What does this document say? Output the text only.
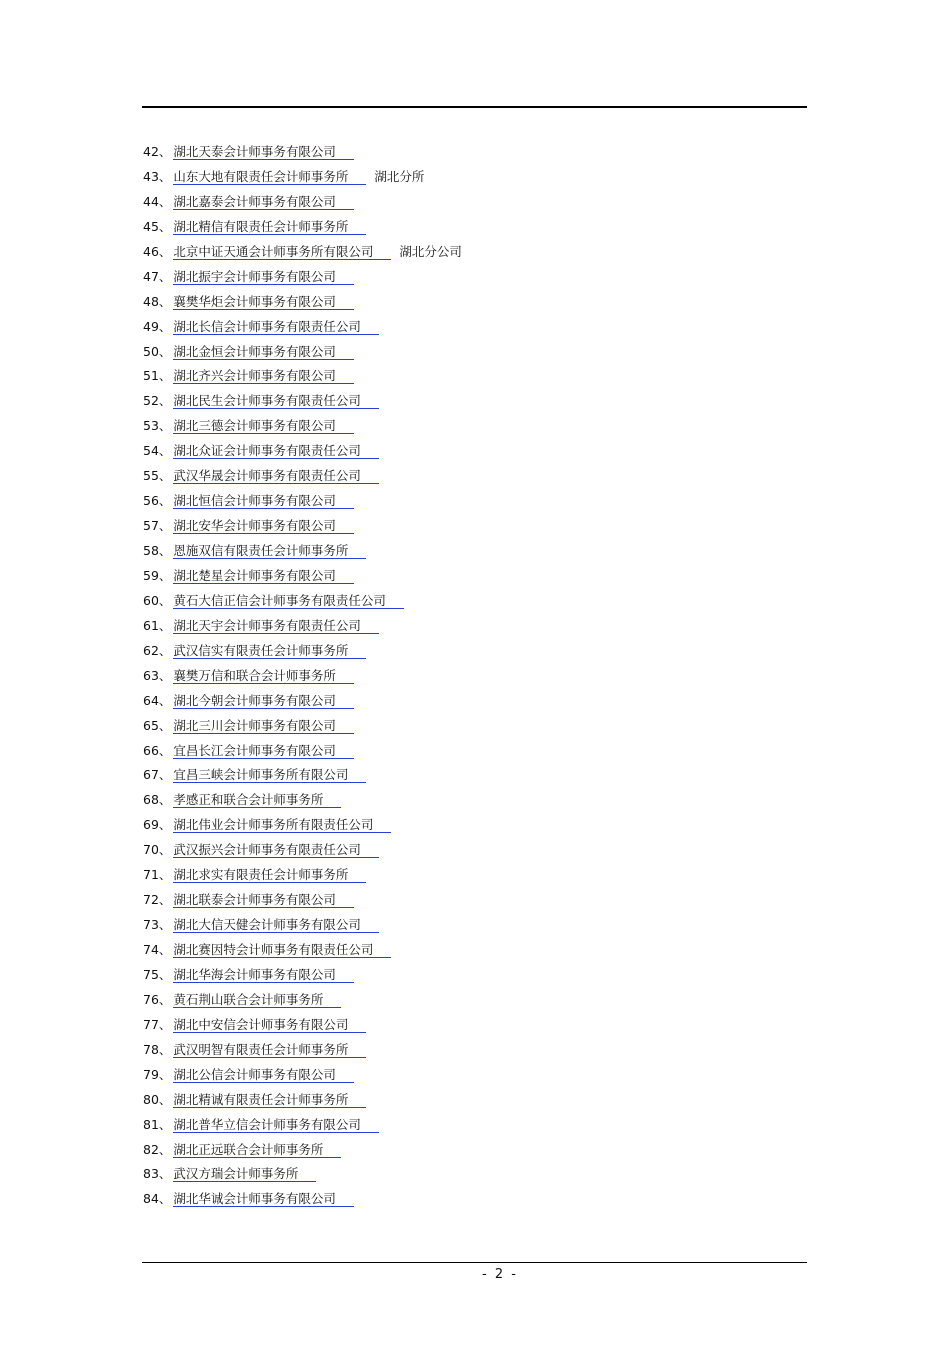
42、 湖北天泰会计师事务有限公司
43、 山东大地有限责任会计师事务所 湖北分所
44、 湖北嘉泰会计师事务有限公司
45、 湖北精信有限责任会计师事务所
46、 北京中证天通会计师事务所有限公司 湖北分公司
47、 湖北振宇会计师事务有限公司
48、 襄樊华炬会计师事务有限公司
49、 湖北长信会计师事务有限责任公司
50、 湖北金恒会计师事务有限公司
51、 湖北齐兴会计师事务有限公司
52、 湖北民生会计师事务有限责任公司
53、 湖北三德会计师事务有限公司
54、 湖北众证会计师事务有限责任公司
55、 武汉华晟会计师事务有限责任公司
56、 湖北恒信会计师事务有限公司
57、 湖北安华会计师事务有限公司
58、 恩施双信有限责任会计师事务所
59、 湖北楚星会计师事务有限公司
60、 黄石大信正信会计师事务有限责任公司
61、 湖北天宇会计师事务有限责任公司
62、 武汉信实有限责任会计师事务所
63、 襄樊万信和联合会计师事务所
64、 湖北今朝会计师事务有限公司
65、 湖北三川会计师事务有限公司
66、 宜昌长江会计师事务有限公司
67、 宜昌三峡会计师事务所有限公司
68、 孝感正和联合会计师事务所
69、 湖北伟业会计师事务所有限责任公司
70、 武汉振兴会计师事务有限责任公司
71、 湖北求实有限责任会计师事务所
72、 湖北联泰会计师事务有限公司
73、 湖北大信天健会计师事务有限公司
74、 湖北赛因特会计师事务有限责任公司
75、 湖北华海会计师事务有限公司
76、 黄石荆山联合会计师事务所
77、 湖北中安信会计师事务有限公司
78、 武汉明智有限责任会计师事务所
79、 湖北公信会计师事务有限公司
80、 湖北精诚有限责任会计师事务所
81、 湖北普华立信会计师事务有限公司
82、 湖北正远联合会计师事务所
83、 武汉方瑞会计师事务所
84、 湖北华诚会计师事务有限公司
- 2 -
